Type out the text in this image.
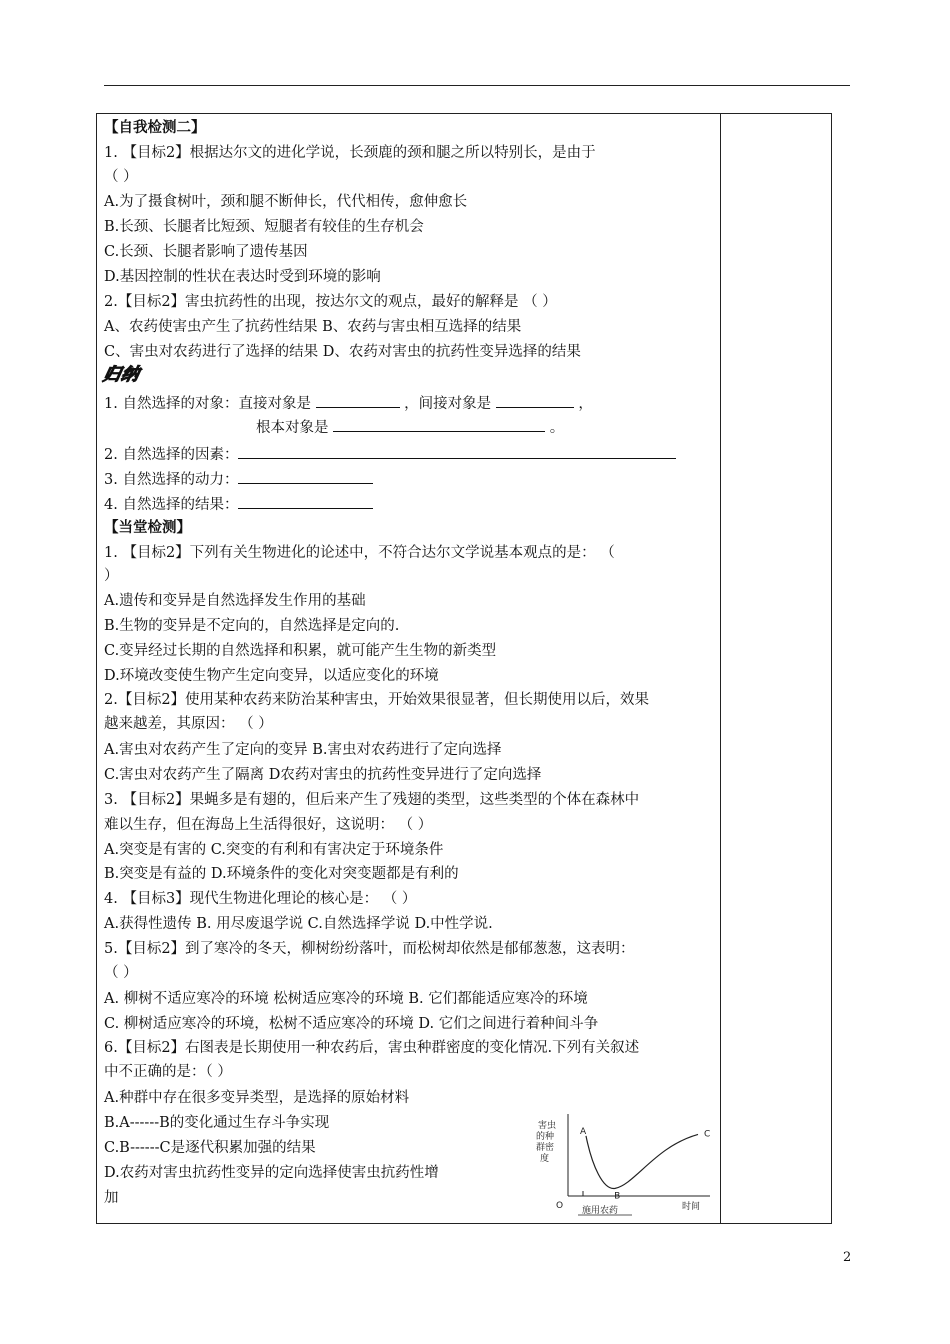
【自我检测二】
1. 【目标2】根据达尔文的进化学说，长颈鹿的颈和腿之所以特别长，是由于
（ ）
A.为了摄食树叶，颈和腿不断伸长，代代相传，愈伸愈长
B.长颈、长腿者比短颈、短腿者有较佳的生存机会
C.长颈、长腿者影响了遗传基因
D.基因控制的性状在表达时受到环境的影响
2.【目标2】害虫抗药性的出现，按达尔文的观点，最好的解释是 （ ）
A、农药使害虫产生了抗药性结果 B、农药与害虫相互选择的结果
C、害虫对农药进行了选择的结果 D、农药对害虫的抗药性变异选择的结果
2. 自然选择的因素：
3. 自然选择的动力：
4. 自然选择的结果：
【当堂检测】
1. 【目标2】下列有关生物进化的论述中，不符合达尔文学说基本观点的是： （
）
A.遗传和变异是自然选择发生作用的基础
B.生物的变异是不定向的，自然选择是定向的.
C.变异经过长期的自然选择和积累，就可能产生生物的新类型
D.环境改变使生物产生定向变异，以适应变化的环境
2.【目标2】使用某种农药来防治某种害虫，开始效果很显著，但长期使用以后，效果
越来越差，其原因： （ ）
A.害虫对农药产生了定向的变异 B.害虫对农药进行了定向选择
C.害虫对农药产生了隔离 D农药对害虫的抗药性变异进行了定向选择
3. 【目标2】果蝇多是有翅的，但后来产生了残翅的类型，这些类型的个体在森林中
难以生存，但在海岛上生活得很好，这说明： （ ）
A.突变是有害的 C.突变的有利和有害决定于环境条件
B.突变是有益的 D.环境条件的变化对突变题都是有利的
4. 【目标3】现代生物进化理论的核心是： （ ）
A.获得性遗传 B. 用尽废退学说 C.自然选择学说 D.中性学说.
5.【目标2】到了寒冷的冬天，柳树纷纷落叶，而松树却依然是郁郁葱葱，这表明：
（ ）
A. 柳树不适应寒冷的环境 松树适应寒冷的环境 B. 它们都能适应寒冷的环境
C. 柳树适应寒冷的环境，松树不适应寒冷的环境 D. 它们之间进行着种间斗争
6.【目标2】右图表是长期使用一种农药后，害虫种群密度的变化情况.下列有关叙述
中不正确的是：（ ）
A.种群中存在很多变异类型，是选择的原始材料
B.A------B的变化通过生存斗争实现
C.B------C是逐代积累加强的结果
D.农药对害虫抗药性变异的定向选择使害虫抗药性增
加
1. 自然选择的对象：直接对象是	，间接对象是	，
根本对象是	。
归纳
害虫
的种
群密
度
O 施用农药	时间
A
B
C
2
